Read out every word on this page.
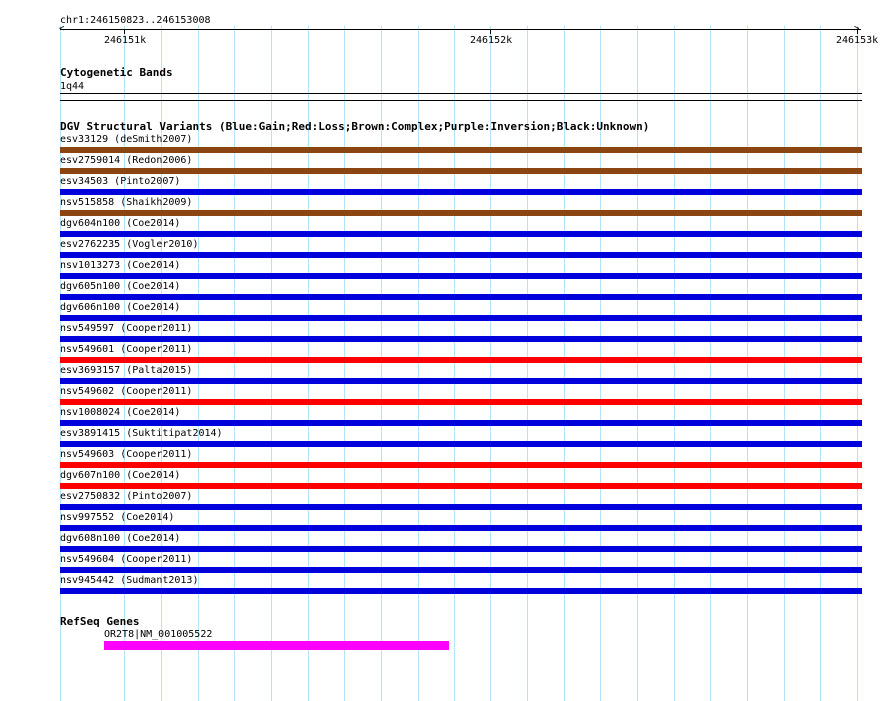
chr1:246150823..246153008
<	>
246151k	246152k	246153k
Cytogenetic Bands
1q44
DGV Structural Variants (Blue:Gain;Red:Loss;Brown:Complex;Purple:Inversion;Black:Unknown)
esv33129 (deSmith2007)
esv2759014 (Redon2006)
esv34503 (Pinto2007)
nsv515858 (Shaikh2009)
dgv604n100 (Coe2014)
esv2762235 (Vogler2010)
nsv1013273 (Coe2014)
dgv605n100 (Coe2014)
dgv606n100 (Coe2014)
nsv549597 (Cooper2011)
nsv549601 (Cooper2011)
esv3693157 (Palta2015)
nsv549602 (Cooper2011)
nsv1008024 (Coe2014)
esv3891415 (Suktitipat2014)
nsv549603 (Cooper2011)
dgv607n100 (Coe2014)
esv2750832 (Pinto2007)
nsv997552 (Coe2014)
dgv608n100 (Coe2014)
nsv549604 (Cooper2011)
nsv945442 (Sudmant2013)
RefSeq Genes
OR2T8|NM_001005522
